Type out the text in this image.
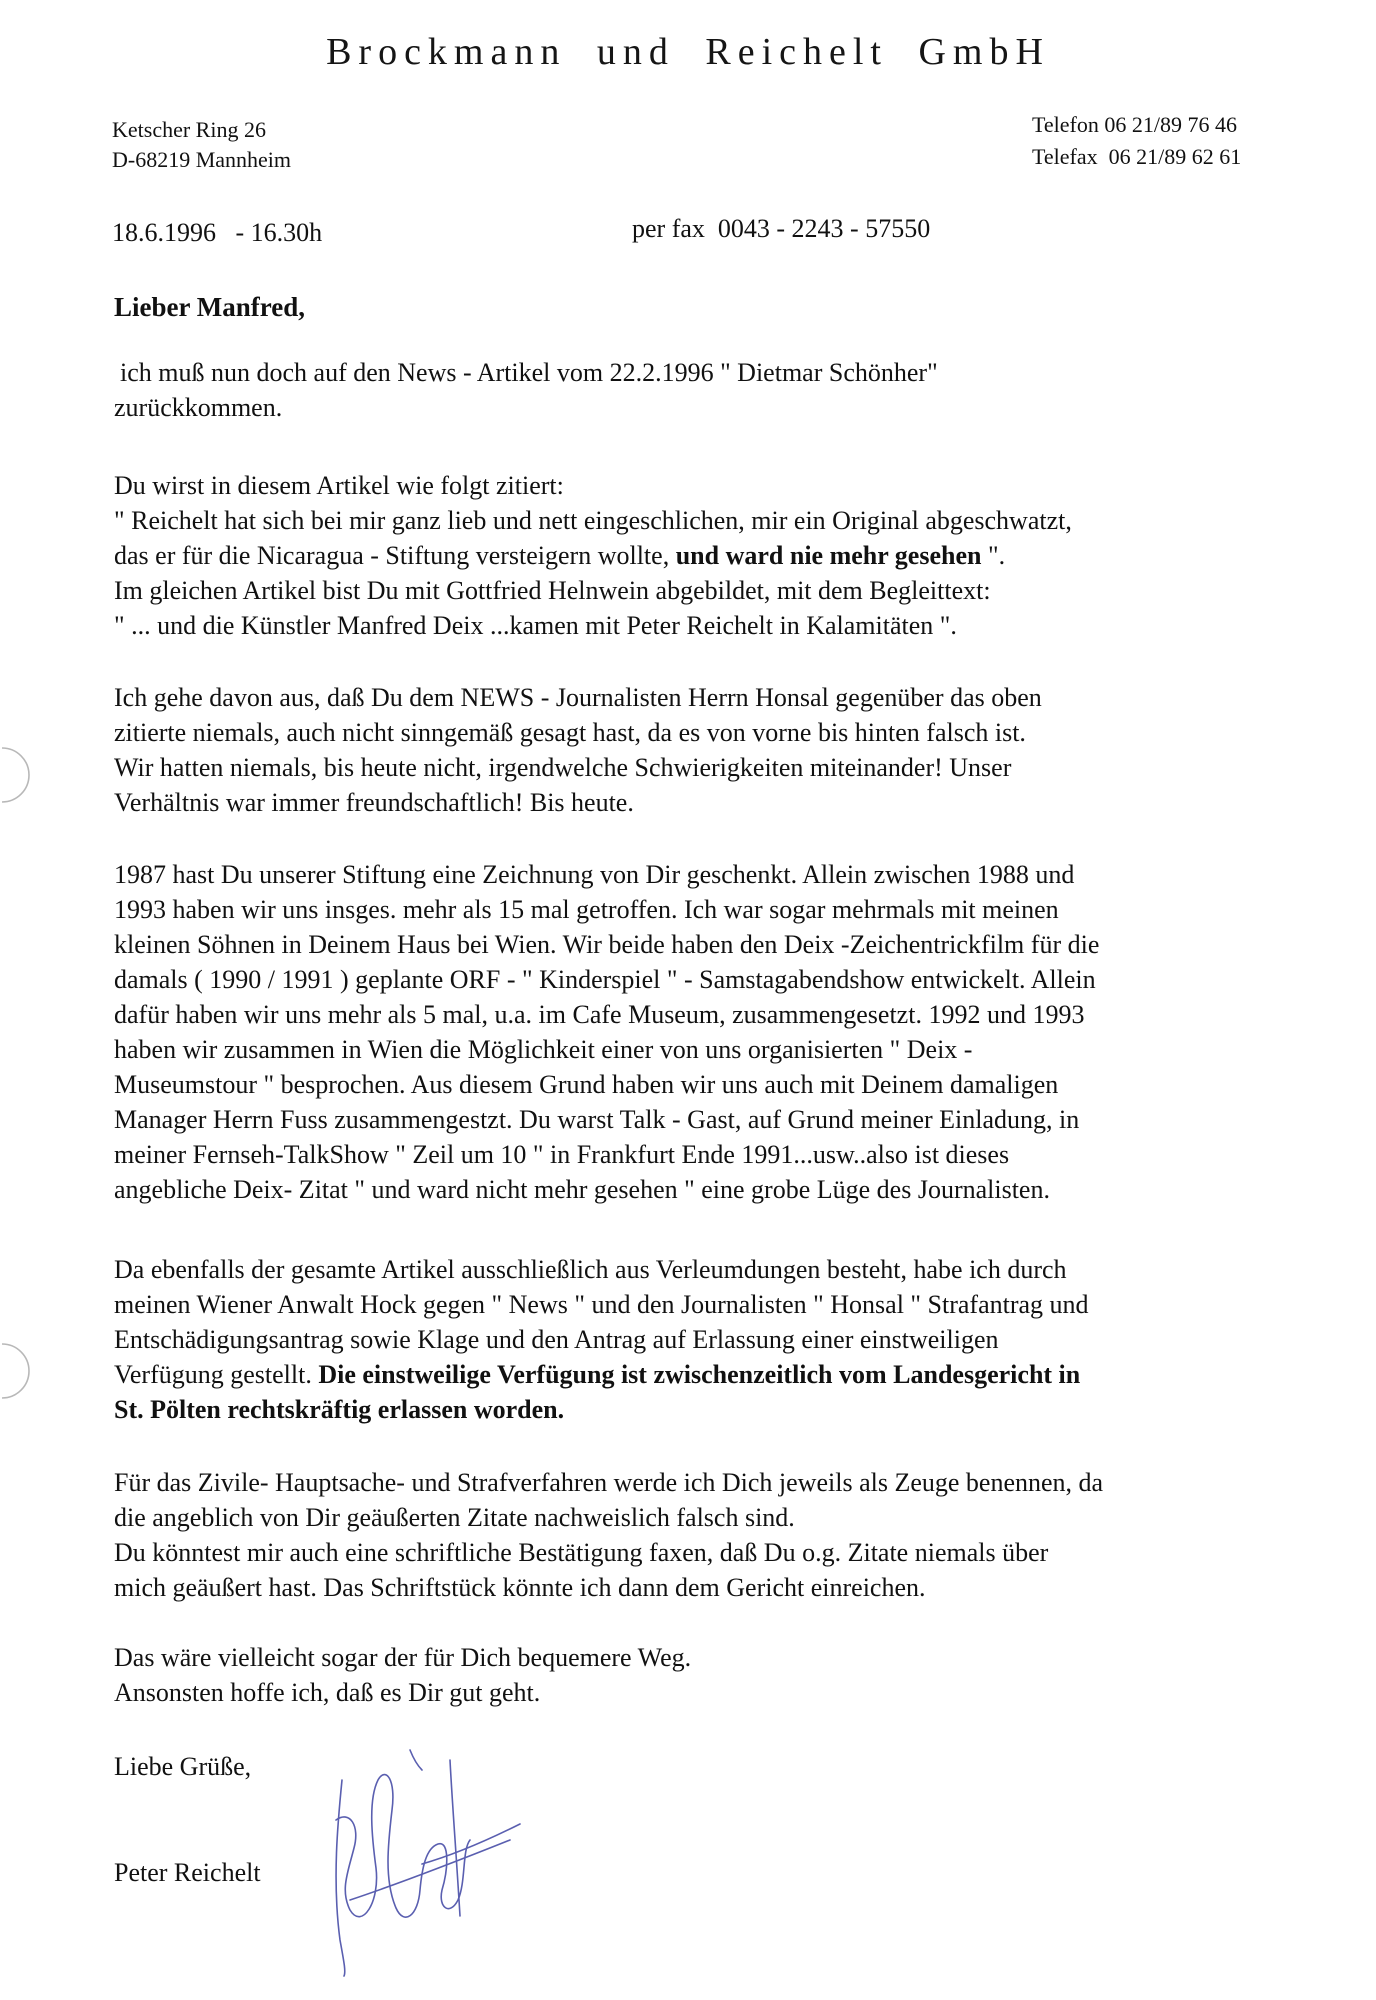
Brockmann und Reichelt GmbH
Ketscher Ring 26
D-68219 Mannheim
Telefon 06 21/89 76 46
Telefax  06 21/89 62 61
18.6.1996   - 16.30h	per fax  0043 - 2243 - 57550
Lieber Manfred,

ich muß nun doch auf den News - Artikel vom 22.2.1996 " Dietmar Schönher"

zurückkommen.

Du wirst in diesem Artikel wie folgt zitiert:

" Reichelt hat sich bei mir ganz lieb und nett eingeschlichen, mir ein Original abgeschwatzt,

das er für die Nicaragua - Stiftung versteigern wollte, und ward nie mehr gesehen ".

Im gleichen Artikel bist Du mit Gottfried Helnwein abgebildet, mit dem Begleittext:

" ... und die Künstler Manfred Deix ...kamen mit Peter Reichelt in Kalamitäten ".

Ich gehe davon aus, daß Du dem NEWS - Journalisten Herrn Honsal gegenüber das oben

zitierte niemals, auch nicht sinngemäß gesagt hast, da es von vorne bis hinten falsch ist.

Wir hatten niemals, bis heute nicht, irgendwelche Schwierigkeiten miteinander! Unser

Verhältnis war immer freundschaftlich! Bis heute.

1987 hast Du unserer Stiftung eine Zeichnung von Dir geschenkt. Allein zwischen 1988 und

1993 haben wir uns insges. mehr als 15 mal getroffen. Ich war sogar mehrmals mit meinen

kleinen Söhnen in Deinem Haus bei Wien. Wir beide haben den Deix -Zeichentrickfilm für die

damals ( 1990 / 1991 ) geplante ORF - " Kinderspiel " - Samstagabendshow entwickelt. Allein

dafür haben wir uns mehr als 5 mal, u.a. im Cafe Museum, zusammengesetzt. 1992 und 1993

haben wir zusammen in Wien die Möglichkeit einer von uns organisierten " Deix -

Museumstour " besprochen. Aus diesem Grund haben wir uns auch mit Deinem damaligen

Manager Herrn Fuss zusammengestzt. Du warst Talk - Gast, auf Grund meiner Einladung, in

meiner Fernseh-TalkShow " Zeil um 10 " in Frankfurt Ende 1991...usw..also ist dieses

angebliche Deix- Zitat " und ward nicht mehr gesehen " eine grobe Lüge des Journalisten.

Da ebenfalls der gesamte Artikel ausschließlich aus Verleumdungen besteht, habe ich durch

meinen Wiener Anwalt Hock gegen " News " und den Journalisten " Honsal " Strafantrag und

Entschädigungsantrag sowie Klage und den Antrag auf Erlassung einer einstweiligen

Verfügung gestellt. Die einstweilige Verfügung ist zwischenzeitlich vom Landesgericht in

St. Pölten rechtskräftig erlassen worden.

Für das Zivile- Hauptsache- und Strafverfahren werde ich Dich jeweils als Zeuge benennen, da

die angeblich von Dir geäußerten Zitate nachweislich falsch sind.

Du könntest mir auch eine schriftliche Bestätigung faxen, daß Du o.g. Zitate niemals über

mich geäußert hast. Das Schriftstück könnte ich dann dem Gericht einreichen.

Das wäre vielleicht sogar der für Dich bequemere Weg.

Ansonsten hoffe ich, daß es Dir gut geht.

Liebe Grüße,
Peter Reichelt
